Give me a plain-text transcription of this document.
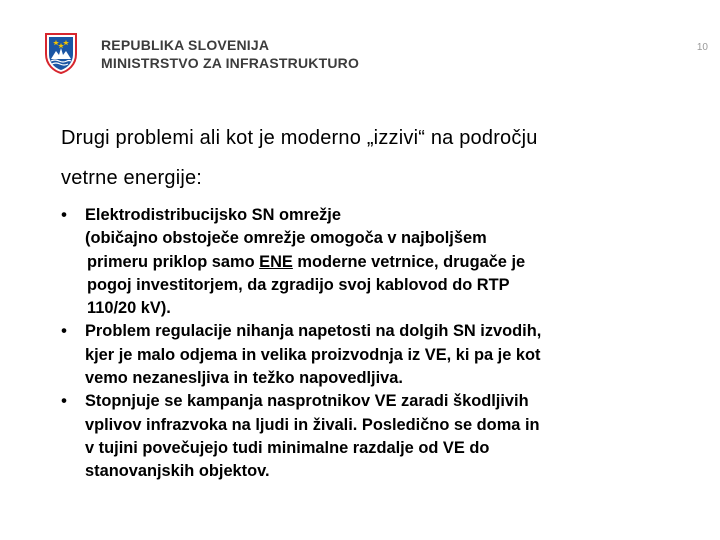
REPUBLIKA SLOVENIJA
MINISTRSTVO ZA INFRASTRUKTURO
10
Drugi problemi ali kot je moderno „izzivi“ na področju
vetrne energije:
•	Elektrodistribucijsko SN omrežje
(običajno obstoječe omrežje omogoča v najboljšem
primeru priklop samo ENE moderne vetrnice, drugače je
pogoj investitorjem, da zgradijo svoj kablovod do RTP
110/20 kV).
•	Problem regulacije nihanja napetosti na dolgih SN izvodih,
kjer je malo odjema in velika proizvodnja iz VE, ki pa je kot
vemo nezanesljiva in težko napovedljiva.
•	Stopnjuje se kampanja nasprotnikov VE zaradi škodljivih
vplivov infrazvoka na ljudi in živali. Posledično se doma in
v tujini povečujejo tudi minimalne razdalje od VE do
stanovanjskih objektov.
